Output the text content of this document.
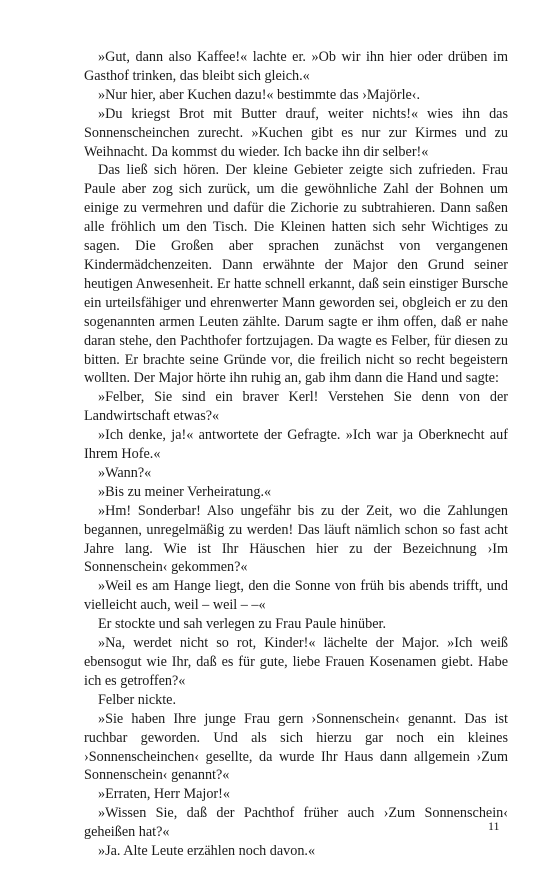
»Gut, dann also Kaffee!« lachte er. »Ob wir ihn hier oder drüben im Gasthof trinken, das bleibt sich gleich.«

»Nur hier, aber Kuchen dazu!« bestimmte das ›Majörle‹.

»Du kriegst Brot mit Butter drauf, weiter nichts!« wies ihn das Sonnenscheinchen zurecht. »Kuchen gibt es nur zur Kirmes und zu Weihnacht. Da kommst du wieder. Ich backe ihn dir selber!«

Das ließ sich hören. Der kleine Gebieter zeigte sich zufrieden. Frau Paule aber zog sich zurück, um die gewöhnliche Zahl der Bohnen um einige zu vermehren und dafür die Zichorie zu subtrahieren. Dann saßen alle fröhlich um den Tisch. Die Kleinen hatten sich sehr Wichtiges zu sagen. Die Großen aber sprachen zunächst von vergangenen Kindermädchenzeiten. Dann erwähnte der Major den Grund seiner heutigen Anwesenheit. Er hatte schnell erkannt, daß sein einstiger Bursche ein urteilsfähiger und ehrenwerter Mann geworden sei, obgleich er zu den sogenannten armen Leuten zählte. Darum sagte er ihm offen, daß er nahe daran stehe, den Pachthofer fortzujagen. Da wagte es Felber, für diesen zu bitten. Er brachte seine Gründe vor, die freilich nicht so recht begeistern wollten. Der Major hörte ihn ruhig an, gab ihm dann die Hand und sagte:

»Felber, Sie sind ein braver Kerl! Verstehen Sie denn von der Landwirtschaft etwas?«

»Ich denke, ja!« antwortete der Gefragte. »Ich war ja Oberknecht auf Ihrem Hofe.«

»Wann?«

»Bis zu meiner Verheiratung.«

»Hm! Sonderbar! Also ungefähr bis zu der Zeit, wo die Zahlungen begannen, unregelmäßig zu werden! Das läuft nämlich schon so fast acht Jahre lang. Wie ist Ihr Häuschen hier zu der Bezeichnung ›Im Sonnenschein‹ gekommen?«

»Weil es am Hange liegt, den die Sonne von früh bis abends trifft, und vielleicht auch, weil – weil – –«

Er stockte und sah verlegen zu Frau Paule hinüber.

»Na, werdet nicht so rot, Kinder!« lächelte der Major. »Ich weiß ebensogut wie Ihr, daß es für gute, liebe Frauen Kosenamen giebt. Habe ich es getroffen?«

Felber nickte.

»Sie haben Ihre junge Frau gern ›Sonnenschein‹ genannt. Das ist ruchbar geworden. Und als sich hierzu gar noch ein kleines ›Sonnenscheinchen‹ gesellte, da wurde Ihr Haus dann allgemein ›Zum Sonnenschein‹ genannt?«

»Erraten, Herr Major!«

»Wissen Sie, daß der Pachthof früher auch ›Zum Sonnenschein‹ geheißen hat?«

»Ja. Alte Leute erzählen noch davon.«

11
